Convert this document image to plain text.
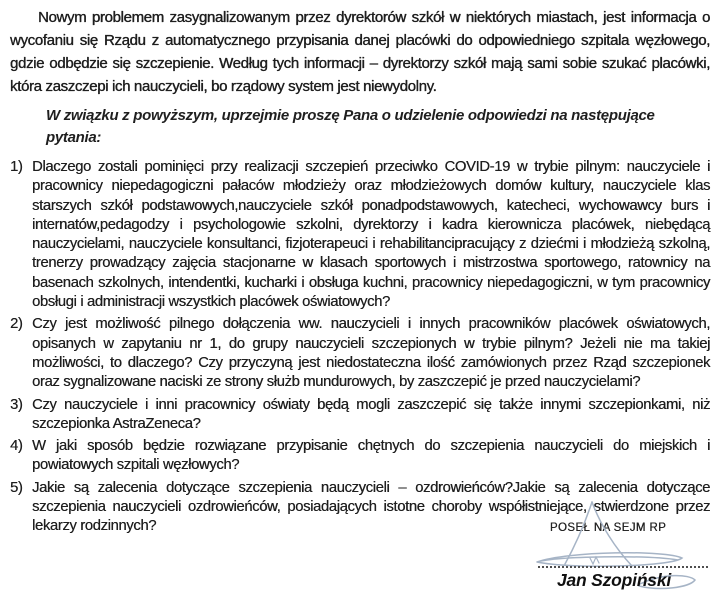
Nowym problemem zasygnalizowanym przez dyrektorów szkół w niektórych miastach, jest informacja o wycofaniu się Rządu z automatycznego przypisania danej placówki do odpowiedniego szpitala węzłowego, gdzie odbędzie się szczepienie. Według tych informacji – dyrektorzy szkół mają sami sobie szukać placówki, która zaszczepi ich nauczycieli, bo rządowy system jest niewydolny.

W związku z powyższym, uprzejmie proszę Pana o udzielenie odpowiedzi na następujące pytania:

1) Dlaczego zostali pominięci przy realizacji szczepień przeciwko COVID-19 w trybie pilnym: nauczyciele i pracownicy niepedagogiczni pałaców młodzieży oraz młodzieżowych domów kultury, nauczyciele klas starszych szkół podstawowych,nauczyciele szkół ponadpodstawowych, katecheci, wychowawcy burs i internatów,pedagodzy i psychologowie szkolni, dyrektorzy i kadra kierownicza placówek, niebędącą nauczycielami, nauczyciele konsultanci, fizjoterapeuci i rehabilitancipracujący z dziećmi i młodzieżą szkolną, trenerzy prowadzący zajęcia stacjonarne w klasach sportowych i mistrzostwa sportowego, ratownicy na basenach szkolnych, intendentki, kucharki i obsługa kuchni, pracownicy niepedagogiczni, w tym pracownicy obsługi i administracji wszystkich placówek oświatowych?
2) Czy jest możliwość pilnego dołączenia ww. nauczycieli i innych pracowników placówek oświatowych, opisanych w zapytaniu nr 1, do grupy nauczycieli szczepionych w trybie pilnym? Jeżeli nie ma takiej możliwości, to dlaczego? Czy przyczyną jest niedostateczna ilość zamówionych przez Rząd szczepionek oraz sygnalizowane naciski ze strony służb mundurowych, by zaszczepić je przed nauczycielami?
3) Czy nauczyciele i inni pracownicy oświaty będą mogli zaszczepić się także innymi szczepionkami, niż szczepionka AstraZeneca?
4) W jaki sposób będzie rozwiązane przypisanie chętnych do szczepienia nauczycieli do miejskich i powiatowych szpitali węzłowych?
5) Jakie są zalecenia dotyczące szczepienia nauczycieli – ozdrowieńców?Jakie są zalecenia dotyczące szczepienia nauczycieli ozdrowieńców, posiadających istotne choroby współistniejące, stwierdzone przez lekarzy rodzinnych?	POSEŁ NA SEJM RP
Jan Szopiński
